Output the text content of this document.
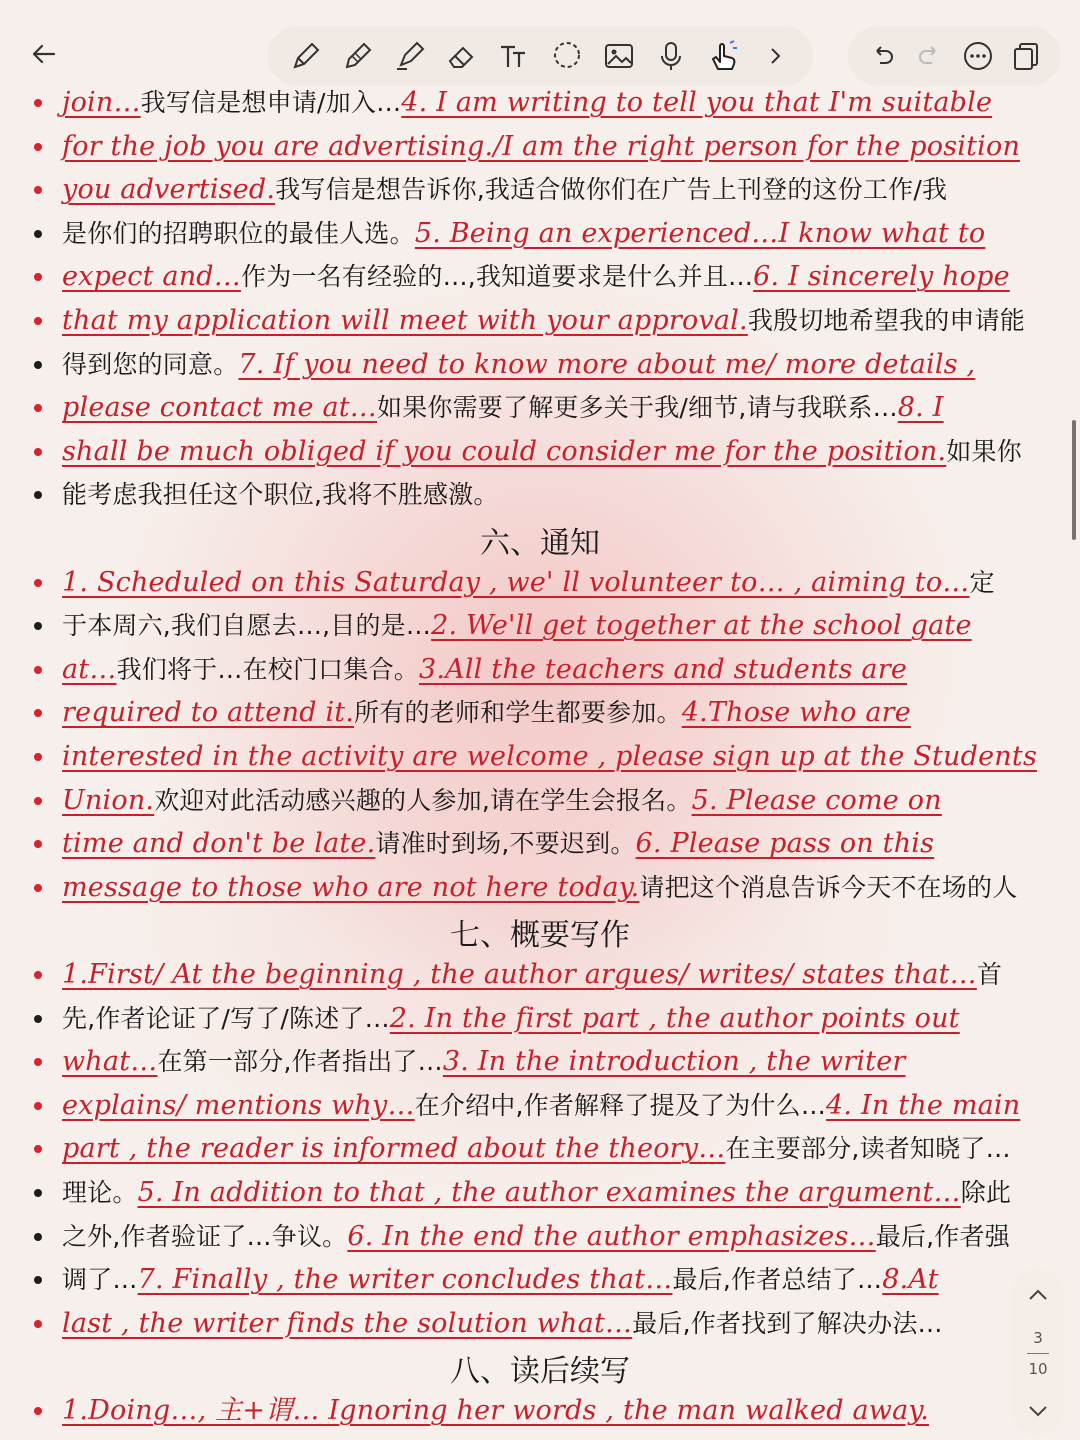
join… 我写信是想申请/加入… 4. I am writing to tell you that I'm suitable
for the job you are advertising./I am the right person for the position
you advertised. 我写信是想告诉你,我适合做你们在广告上刊登的这份工作/我
是你们的招聘职位的最佳人选。 5. Being an experienced…I know what to
expect and… 作为一名有经验的…,我知道要求是什么并且… 6. I sincerely hope
that my application will meet with your approval. 我殷切地希望我的申请能
得到您的同意。 7. If you need to know more about me/ more details ,
please contact me at… 如果你需要了解更多关于我/细节,请与我联系… 8. I
shall be much obliged if you could consider me for the position. 如果你
能考虑我担任这个职位,我将不胜感激。
六、通知
1. Scheduled on this Saturday , we' ll volunteer to… , aiming to… 定
于本周六,我们自愿去…,目的是… 2. We'll get together at the school gate
at… 我们将于…在校门口集合。 3.All the teachers and students are
required to attend it. 所有的老师和学生都要参加。 4.Those who are
interested in the activity are welcome , please sign up at the Students
Union. 欢迎对此活动感兴趣的人参加,请在学生会报名。 5. Please come on
time and don't be late. 请准时到场,不要迟到。 6. Please pass on this
message to those who are not here today. 请把这个消息告诉今天不在场的人
七、概要写作
1.First/ At the beginning , the author argues/ writes/ states that… 首
先,作者论证了/写了/陈述了… 2. In the first part , the author points out
what… 在第一部分,作者指出了… 3. In the introduction , the writer
explains/ mentions why… 在介绍中,作者解释了提及了为什么… 4. In the main
part , the reader is informed about the theory… 在主要部分,读者知晓了…
理论。 5. In addition to that , the author examines the argument… 除此
之外,作者验证了…争议。 6. In the end the author emphasizes… 最后,作者强
调了… 7. Finally , the writer concludes that… 最后,作者总结了… 8.At
last , the writer finds the solution what… 最后,作者找到了解决办法…
八、读后续写
1.Doing…, 主+谓… Ignoring her words , the man walked away.
3
10
